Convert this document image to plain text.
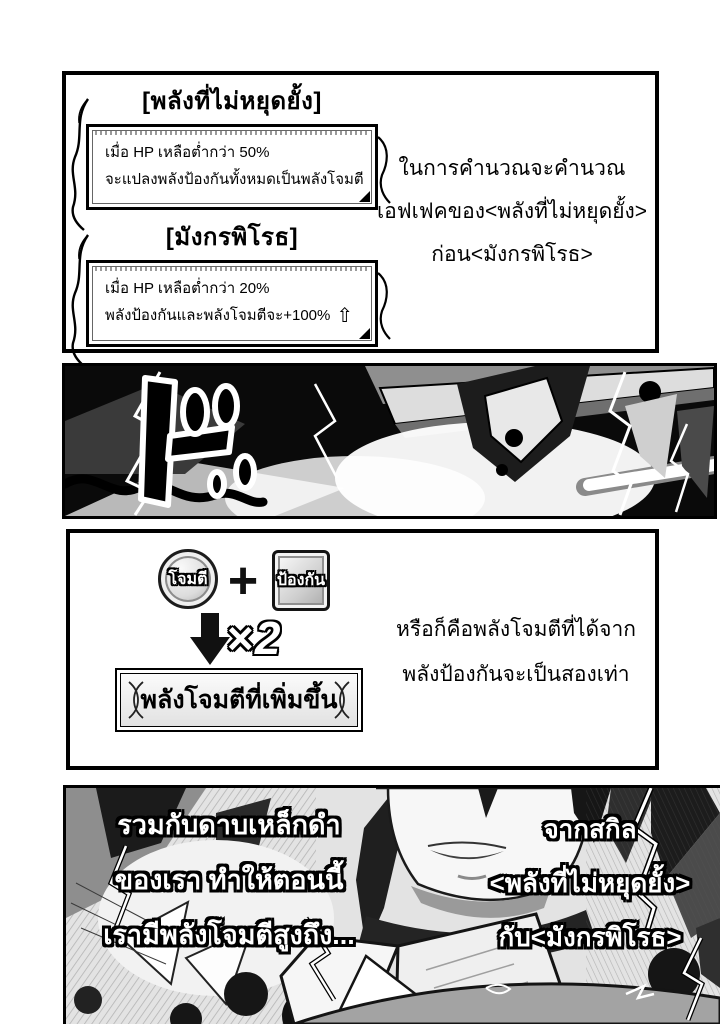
[พลังที่ไม่หยุดยั้ง]
เมื่อ HP เหลือต่ำกว่า 50%
จะแปลงพลังป้องกันทั้งหมดเป็นพลังโจมตี
[มังกรพิโรธ]
เมื่อ HP เหลือต่ำกว่า 20%
พลังป้องกันและพลังโจมตีจะ+100% ⇧
ในการคำนวณจะคำนวณ
เอฟเฟคของ<พลังที่ไม่หยุดยั้ง>
ก่อน<มังกรพิโรธ>
โจมตี +	ป้องกัน
×2
พลังโจมตีที่เพิ่มขึ้น
หรือก็คือพลังโจมตีที่ได้จาก
พลังป้องกันจะเป็นสองเท่า
รวมกับดาบเหล็กดำ
ของเรา ทำให้ตอนนี้
เรามีพลังโจมตีสูงถึง...
จากสกิล
<พลังที่ไม่หยุดยั้ง>
กับ<มังกรพิโรธ>
